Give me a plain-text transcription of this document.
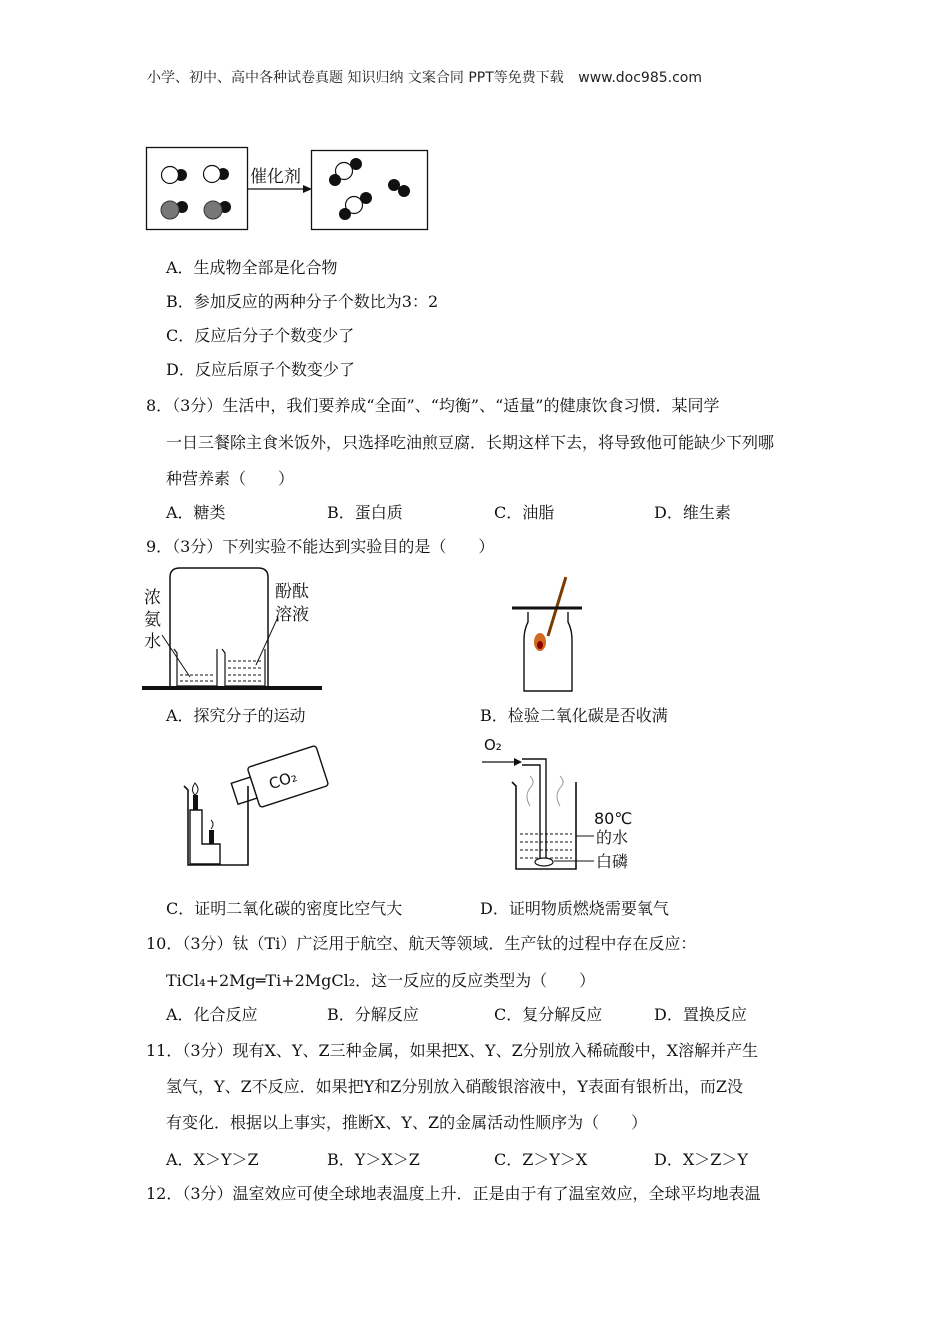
小学、初中、高中各种试卷真题 知识归纳 文案合同 PPT等免费下载 www.doc985.com
催化剂
A．生成物全部是化合物
B．参加反应的两种分子个数比为3：2
C．反应后分子个数变少了
D．反应后原子个数变少了
8．（3分）生活中，我们要养成“全面”、“均衡”、“适量”的健康饮食习惯．某同学
一日三餐除主食米饭外，只选择吃油煎豆腐．长期这样下去，将导致他可能缺少下列哪
种营养素（　　）
A．糖类	B．蛋白质	C．油脂	D．维生素
9．（3分）下列实验不能达到实验目的是（　　）
浓
氨
水
酚酞
溶液
A．探究分子的运动	B．检验二氧化碳是否收满
CO₂
O₂
80℃
的水
白磷
C．证明二氧化碳的密度比空气大	D．证明物质燃烧需要氧气
10．（3分）钛（Ti）广泛用于航空、航天等领域．生产钛的过程中存在反应：
TiCl₄+2Mg═Ti+2MgCl₂．这一反应的反应类型为（　　）
A．化合反应	B．分解反应	C．复分解反应	D．置换反应
11．（3分）现有X、Y、Z三种金属，如果把X、Y、Z分别放入稀硫酸中，X溶解并产生
氢气，Y、Z不反应．如果把Y和Z分别放入硝酸银溶液中，Y表面有银析出，而Z没
有变化．根据以上事实，推断X、Y、Z的金属活动性顺序为（　　）
A．X＞Y＞Z	B．Y＞X＞Z	C．Z＞Y＞X	D．X＞Z＞Y
12．（3分）温室效应可使全球地表温度上升．正是由于有了温室效应，全球平均地表温
